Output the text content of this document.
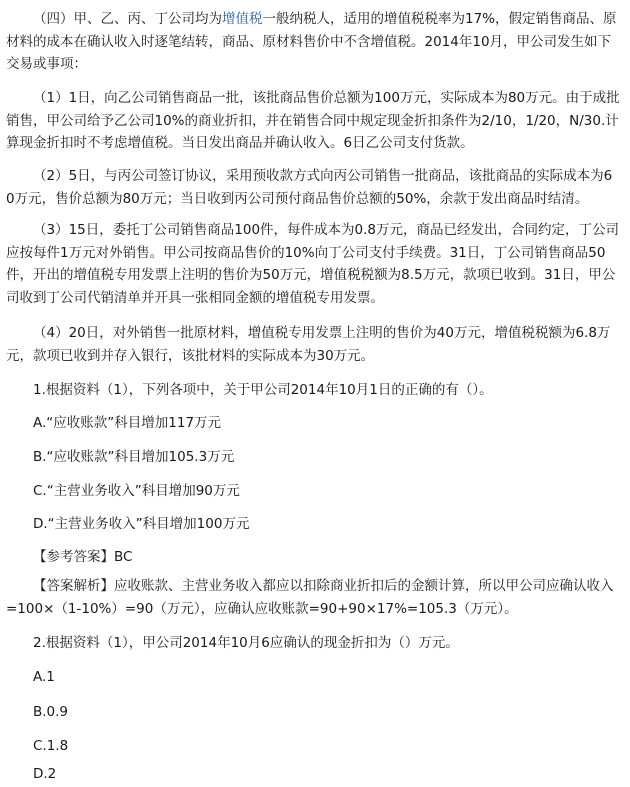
（四）甲、乙、丙、丁公司均为增值税一般纳税人，适用的增值税税率为17%，假定销售商品、原材料的成本在确认收入时逐笔结转，商品、原材料售价中不含增值税。2014年10月，甲公司发生如下交易或事项：

（1）1日，向乙公司销售商品一批，该批商品售价总额为100万元，实际成本为80万元。由于成批销售，甲公司给予乙公司10%的商业折扣，并在销售合同中规定现金折扣条件为2/10，1/20，N/30.计算现金折扣时不考虑增值税。当日发出商品并确认收入。6日乙公司支付货款。

（2）5日，与丙公司签订协议，采用预收款方式向丙公司销售一批商品，该批商品的实际成本为60万元，售价总额为80万元；当日收到丙公司预付商品售价总额的50%，余款于发出商品时结清。

（3）15日，委托丁公司销售商品100件，每件成本为0.8万元，商品已经发出，合同约定，丁公司应按每件1万元对外销售。甲公司按商品售价的10%向丁公司支付手续费。31日，丁公司销售商品50件，开出的增值税专用发票上注明的售价为50万元，增值税税额为8.5万元，款项已收到。31日，甲公司收到丁公司代销清单并开具一张相同金额的增值税专用发票。

（4）20日，对外销售一批原材料，增值税专用发票上注明的售价为40万元，增值税税额为6.8万元，款项已收到并存入银行，该批材料的实际成本为30万元。

1.根据资料（1），下列各项中，关于甲公司2014年10月1日的正确的有（）。

A.“应收账款”科目增加117万元

B.“应收账款”科目增加105.3万元

C.“主营业务收入”科目增加90万元

D.“主营业务收入”科目增加100万元

【参考答案】BC

【答案解析】应收账款、主营业务收入都应以扣除商业折扣后的金额计算，所以甲公司应确认收入=100×（1-10%）=90（万元），应确认应收账款=90+90×17%=105.3（万元）。

2.根据资料（1），甲公司2014年10月6应确认的现金折扣为（）万元。

A.1

B.0.9

C.1.8

D.2
